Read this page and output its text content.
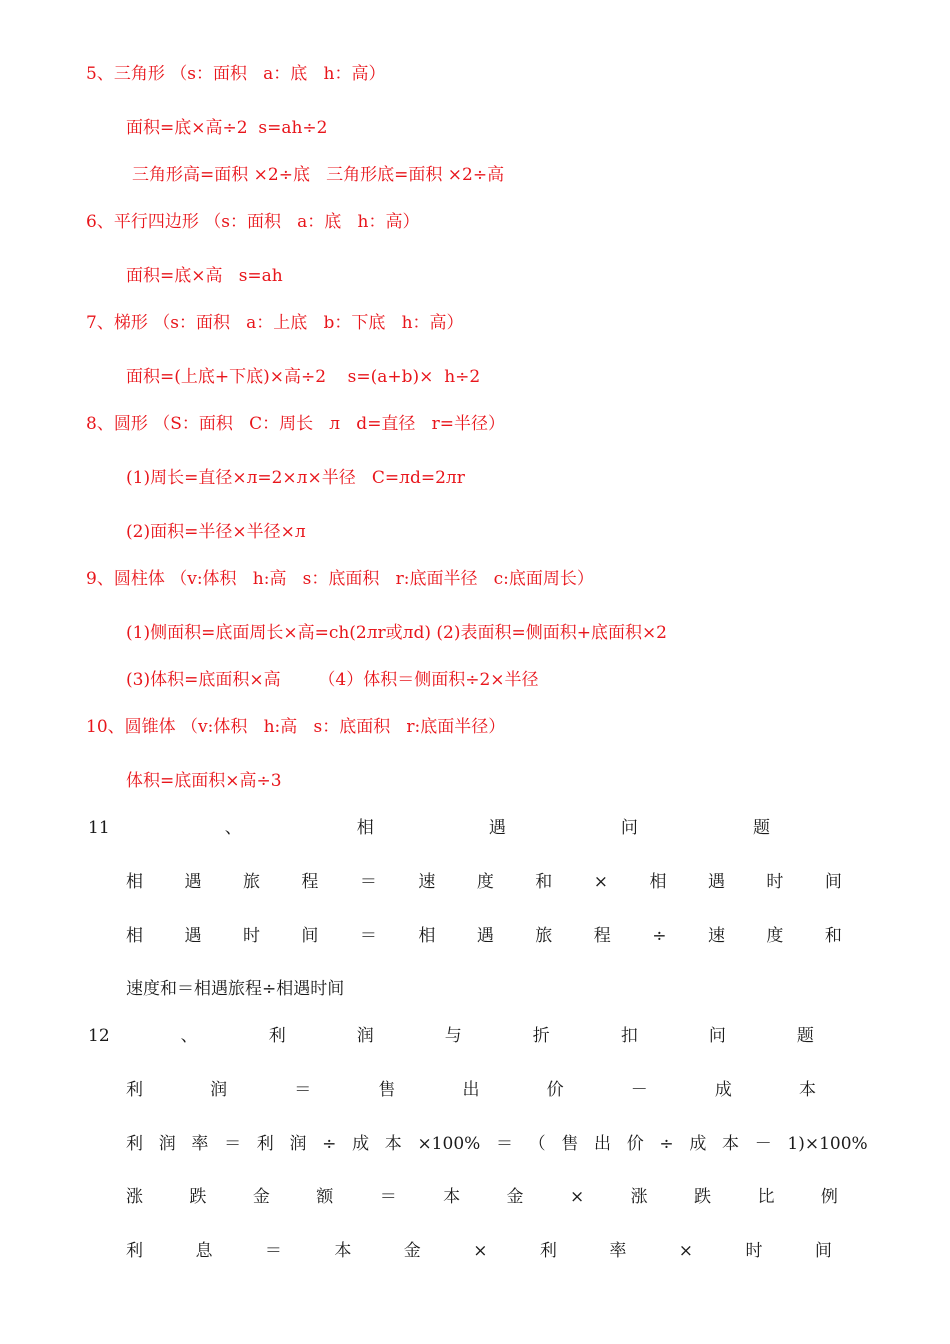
5、三角形 （s：面积   a：底   h：高）
面积=底×高÷2  s=ah÷2
三角形高=面积 ×2÷底   三角形底=面积 ×2÷高
6、平行四边形 （s：面积   a：底   h：高）
面积=底×高   s=ah
7、梯形 （s：面积   a：上底   b：下底   h：高）
面积=(上底+下底)×高÷2    s=(a+b)×  h÷2
8、圆形 （S：面积   C：周长   л   d=直径   r=半径）
(1)周长=直径×л=2×л×半径   C=лd=2лr
(2)面积=半径×半径×л
9、圆柱体 （v:体积   h:高   s：底面积   r:底面半径   c:底面周长）
(1)侧面积=底面周长×高=ch(2лr或лd) (2)表面积=侧面积+底面积×2
(3)体积=底面积×高       （4）体积＝侧面积÷2×半径
10、圆锥体 （v:体积   h:高   s：底面积   r:底面半径）
体积=底面积×高÷3
11	、	相	遇	问	题
相 遇 旅 程 ＝ 速 度 和 × 相 遇 时 间
相 遇 时 间 ＝ 相 遇 旅 程 ÷ 速 度 和
速度和＝相遇旅程÷相遇时间
12	、	利	润	与	折	扣	问	题
利	润	＝	售	出	价	－	成	本
利 润 率 ＝ 利 润 ÷ 成 本 ×100% ＝ （ 售 出 价 ÷ 成 本 － 1)×100%
涨	跌	金	额	＝	本	金	×	涨	跌	比	例
利	息	＝	本	金	×	利	率	×	时	间
